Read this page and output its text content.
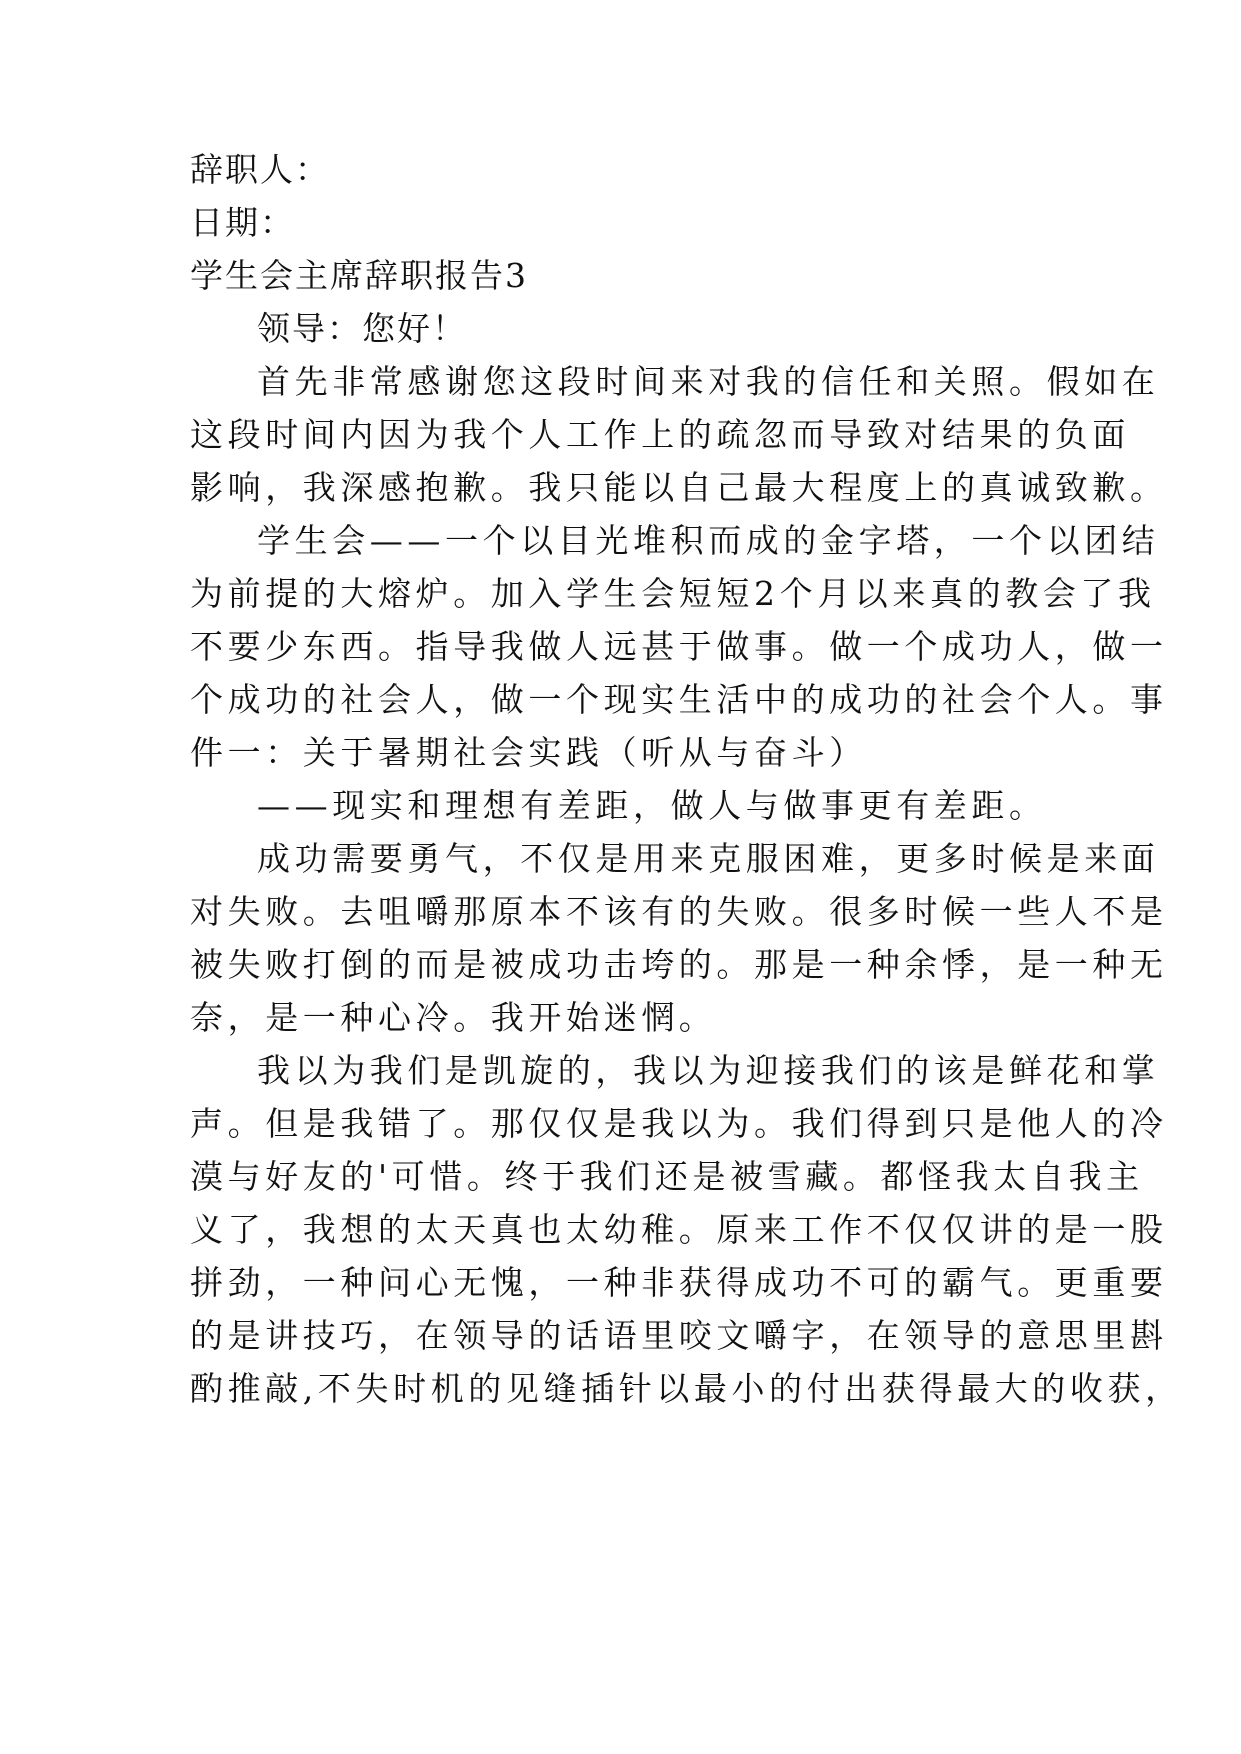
辞职人：
日期：
学生会主席辞职报告3
领导：您好！
首先非常感谢您这段时间来对我的信任和关照。假如在
这段时间内因为我个人工作上的疏忽而导致对结果的负面
影响，我深感抱歉。我只能以自己最大程度上的真诚致歉。
学生会——一个以目光堆积而成的金字塔，一个以团结
为前提的大熔炉。加入学生会短短2个月以来真的教会了我
不要少东西。指导我做人远甚于做事。做一个成功人，做一
个成功的社会人，做一个现实生活中的成功的社会个人。事
件一：关于暑期社会实践（听从与奋斗）
——现实和理想有差距，做人与做事更有差距。
成功需要勇气，不仅是用来克服困难，更多时候是来面
对失败。去咀嚼那原本不该有的失败。很多时候一些人不是
被失败打倒的而是被成功击垮的。那是一种余悸，是一种无
奈，是一种心冷。我开始迷惘。
我以为我们是凯旋的，我以为迎接我们的该是鲜花和掌
声。但是我错了。那仅仅是我以为。我们得到只是他人的冷
漠与好友的'可惜。终于我们还是被雪藏。都怪我太自我主
义了，我想的太天真也太幼稚。原来工作不仅仅讲的是一股
拼劲，一种问心无愧，一种非获得成功不可的霸气。更重要
的是讲技巧，在领导的话语里咬文嚼字，在领导的意思里斟
酌推敲,不失时机的见缝插针以最小的付出获得最大的收获，
